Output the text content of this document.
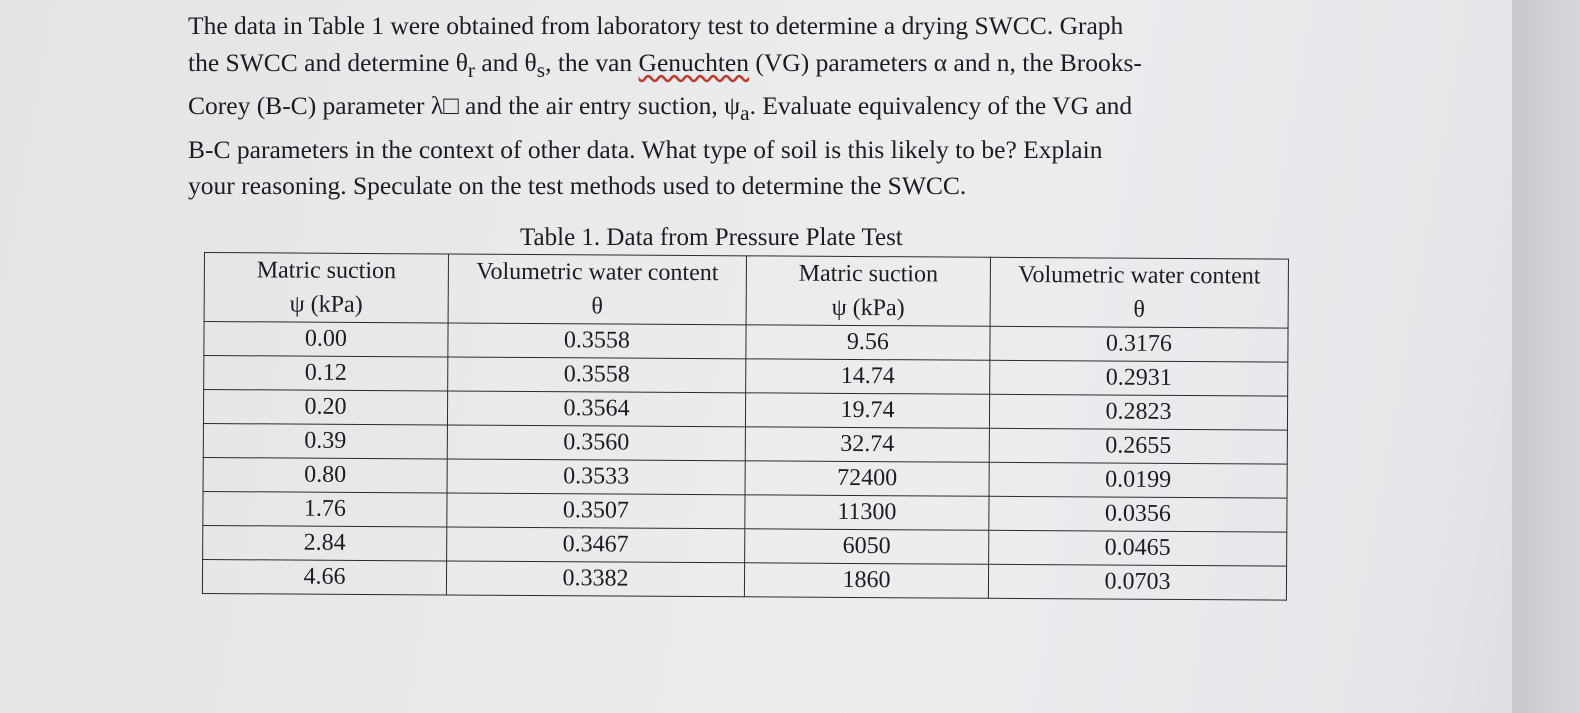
The data in Table 1 were obtained from laboratory test to determine a drying SWCC. Graph
the SWCC and determine $\theta_r$ and $\theta_s$, the van Genuchten (VG) parameters α and n, the Brooks-
Corey (B-C) parameter λ□ and the air entry suction, $\psi_a$. Evaluate equivalency of the VG and
B-C parameters in the context of other data. What type of soil is this likely to be? Explain
your reasoning. Speculate on the test methods used to determine the SWCC.
Table 1. Data from Pressure Plate Test
Matric suction	Volumetric water content	Matric suction	Volumetric water content
ψ (kPa)	θ	ψ (kPa)	θ
0.00	0.3558	9.56	0.3176
0.12	0.3558	14.74	0.2931
0.20	0.3564	19.74	0.2823
0.39	0.3560	32.74	0.2655
0.80	0.3533	72400	0.0199
1.76	0.3507	11300	0.0356
2.84	0.3467	6050	0.0465
4.66	0.3382	1860	0.0703
